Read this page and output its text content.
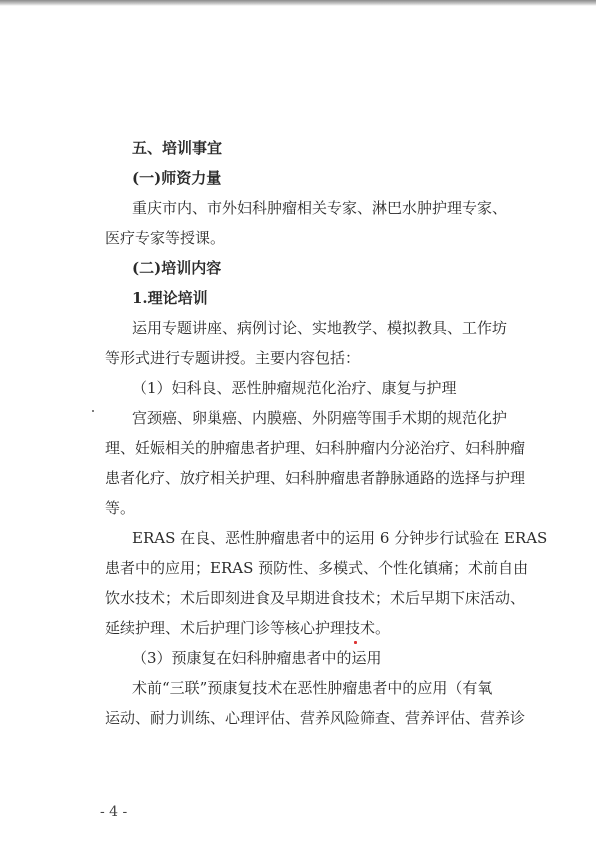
五、培训事宜
(一)师资力量
重庆市内、市外妇科肿瘤相关专家、淋巴水肿护理专家、
医疗专家等授课。
(二)培训内容
1.理论培训
运用专题讲座、病例讨论、实地教学、模拟教具、工作坊
等形式进行专题讲授。主要内容包括：
（1）妇科良、恶性肿瘤规范化治疗、康复与护理
宫颈癌、卵巢癌、内膜癌、外阴癌等围手术期的规范化护
理、妊娠相关的肿瘤患者护理、妇科肿瘤内分泌治疗、妇科肿瘤
患者化疗、放疗相关护理、妇科肿瘤患者静脉通路的选择与护理
等。
ERAS 在良、恶性肿瘤患者中的运用 6 分钟步行试验在 ERAS
患者中的应用；ERAS 预防性、多模式、个性化镇痛；术前自由
饮水技术；术后即刻进食及早期进食技术；术后早期下床活动、
延续护理、术后护理门诊等核心护理技术。
（3）预康复在妇科肿瘤患者中的运用
术前“三联”预康复技术在恶性肿瘤患者中的应用（有氧
运动、耐力训练、心理评估、营养风险筛查、营养评估、营养诊
- 4 -
